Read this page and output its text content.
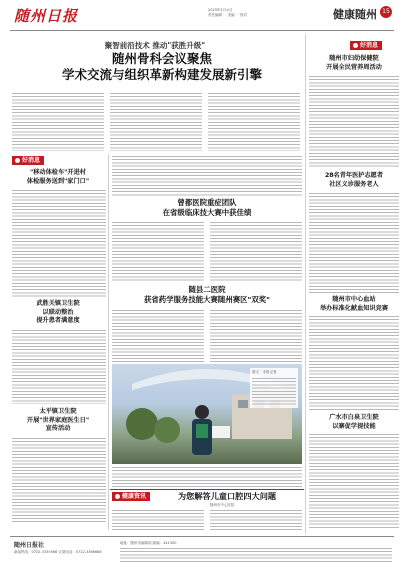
随州日报	2023年1月×日
责任编辑 · · 美编 · · 校对	健康随州 15
聚智前沿技术 推动"获胜升级"
随州骨科会议聚焦
学术交流与组织革新构建发展新引擎
好消息
随州市妇幼保健院
开展全民营养周活动
28名青年医护志愿者
社区义诊服务老人
随州市中心血站
举办标准化献血知识竞赛
广水市白泉卫生院
以寨促学提技能
好消息
"移动体检车"开进村
体检服务送到"家门口"
武胜关镇卫生院
以联动整治
提升患者满意度
太平镇卫生院
开展"世界家庭医生日"
宣传活动
曾都医院重症团队
在省级临床技大赛中获佳绩
随县二医院
获省药学服务技能大赛随州赛区"双奖"
图文：本报记者
健康资讯	为您解答儿童口腔四大问题
随州市中心医院
随州日报社
新闻热线：0722-3335566 订阅电话：0722-3366666
地址：随州市编辑部 邮编：441300
